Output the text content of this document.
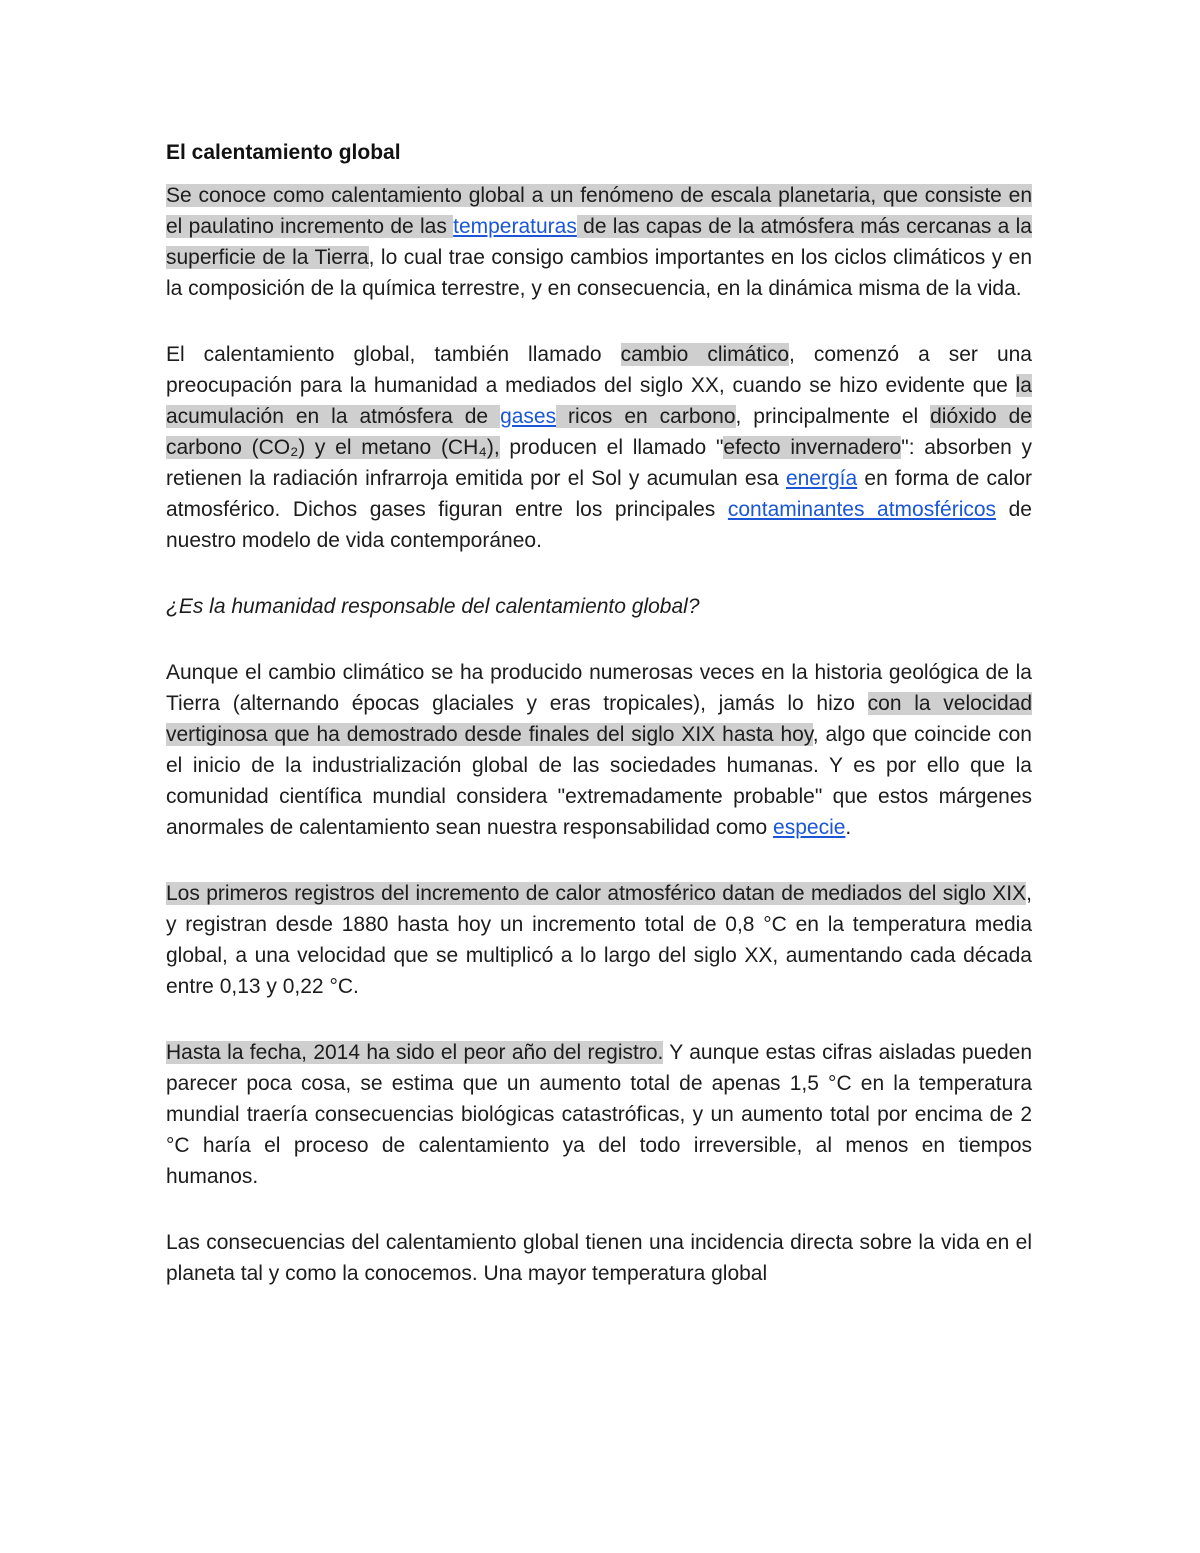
El calentamiento global

Se conoce como calentamiento global a un fenómeno de escala planetaria, que consiste en el paulatino incremento de las temperaturas de las capas de la atmósfera más cercanas a la superficie de la Tierra, lo cual trae consigo cambios importantes en los ciclos climáticos y en la composición de la química terrestre, y en consecuencia, en la dinámica misma de la vida.

El calentamiento global, también llamado cambio climático, comenzó a ser una preocupación para la humanidad a mediados del siglo XX, cuando se hizo evidente que la acumulación en la atmósfera de gases ricos en carbono, principalmente el dióxido de carbono (CO₂) y el metano (CH₄), producen el llamado "efecto invernadero": absorben y retienen la radiación infrarroja emitida por el Sol y acumulan esa energía en forma de calor atmosférico. Dichos gases figuran entre los principales contaminantes atmosféricos de nuestro modelo de vida contemporáneo.

¿Es la humanidad responsable del calentamiento global?

Aunque el cambio climático se ha producido numerosas veces en la historia geológica de la Tierra (alternando épocas glaciales y eras tropicales), jamás lo hizo con la velocidad vertiginosa que ha demostrado desde finales del siglo XIX hasta hoy, algo que coincide con el inicio de la industrialización global de las sociedades humanas. Y es por ello que la comunidad científica mundial considera "extremadamente probable" que estos márgenes anormales de calentamiento sean nuestra responsabilidad como especie.

Los primeros registros del incremento de calor atmosférico datan de mediados del siglo XIX, y registran desde 1880 hasta hoy un incremento total de 0,8 °C en la temperatura media global, a una velocidad que se multiplicó a lo largo del siglo XX, aumentando cada década entre 0,13 y 0,22 °C.

Hasta la fecha, 2014 ha sido el peor año del registro. Y aunque estas cifras aisladas pueden parecer poca cosa, se estima que un aumento total de apenas 1,5 °C en la temperatura mundial traería consecuencias biológicas catastróficas, y un aumento total por encima de 2 °C haría el proceso de calentamiento ya del todo irreversible, al menos en tiempos humanos.

Las consecuencias del calentamiento global tienen una incidencia directa sobre la vida en el planeta tal y como la conocemos. Una mayor temperatura global
